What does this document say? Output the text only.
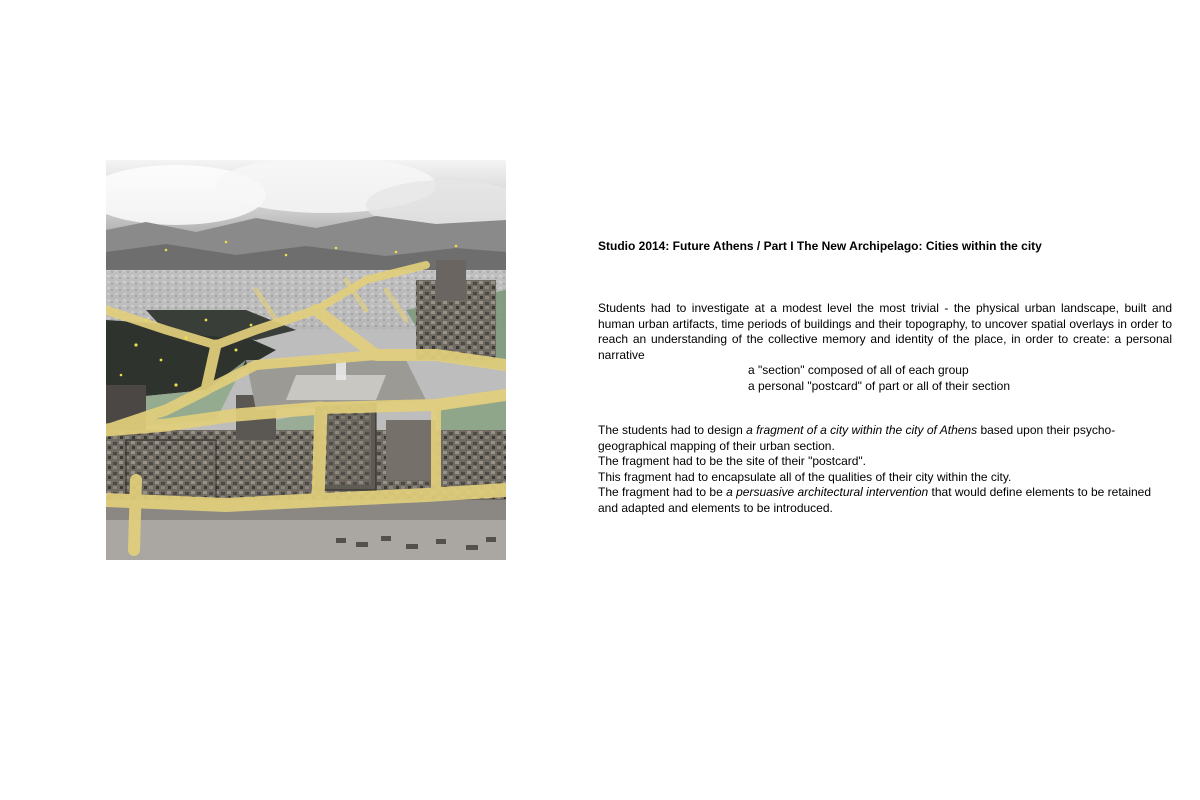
Studio 2014: Future Athens / Part I The New Archipelago: Cities within the city

Students had to investigate at a modest level the most trivial - the physical urban landscape, built and human urban artifacts, time periods of buildings and their topography, to uncover spatial overlays in order to reach an understanding of the collective memory and identity of the place, in order to create: a personal narrative

a "section" composed of all of each group

a personal "postcard" of part or all of their section

The students had to design a fragment of a city within the city of Athens based upon their psycho-geographical mapping of their urban section.

The fragment had to be the site of their "postcard".

This fragment had to encapsulate all of the qualities of their city within the city.

The fragment had to be a persuasive architectural intervention that would define elements to be retained and adapted and elements to be introduced.
